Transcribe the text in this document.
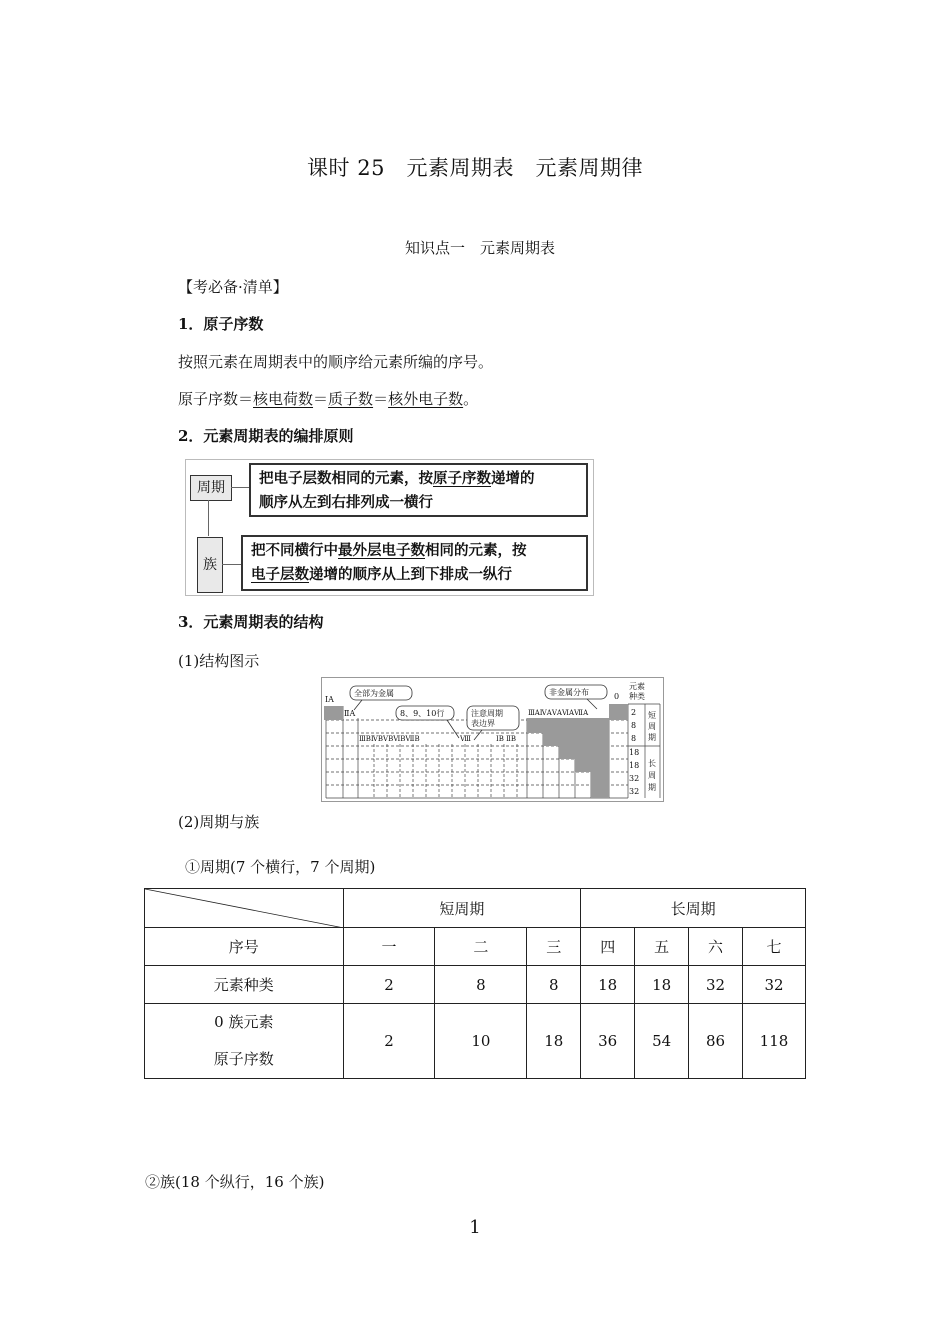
课时 25　元素周期表　元素周期律
知识点一　元素周期表
【考必备·清单】
1．原子序数
按照元素在周期表中的顺序给元素所编的序号。
原子序数＝核电荷数＝质子数＝核外电子数。
2．元素周期表的编排原则
周期
把电子层数相同的元素，按原子序数递增的
顺序从左到右排列成一横行
族
把不同横行中最外层电子数相同的元素，按
电子层数递增的顺序从上到下排成一纵行
3．元素周期表的结构
(1)结构图示
元素
种类
0
2
8
8
18
18
32
32
短
周
期
长
周
期
ⅠA
ⅡA
ⅢBⅣBⅤBⅥBⅦB	Ⅷ	ⅠB ⅡB
ⅢAⅣAⅤAⅥAⅦA
全部为金属
8、9、10行	注意周期
表边界
非金属分布
(2)周期与族
①周期(7 个横行，7 个周期)
	短周期			长周期			
序号	一	二	三	四	五	六	七
元素种类	2	8	8	18	18	32	32

0 族元素
原子序数	2	10	18	36	54	86	118
②族(18 个纵行，16 个族)
1
